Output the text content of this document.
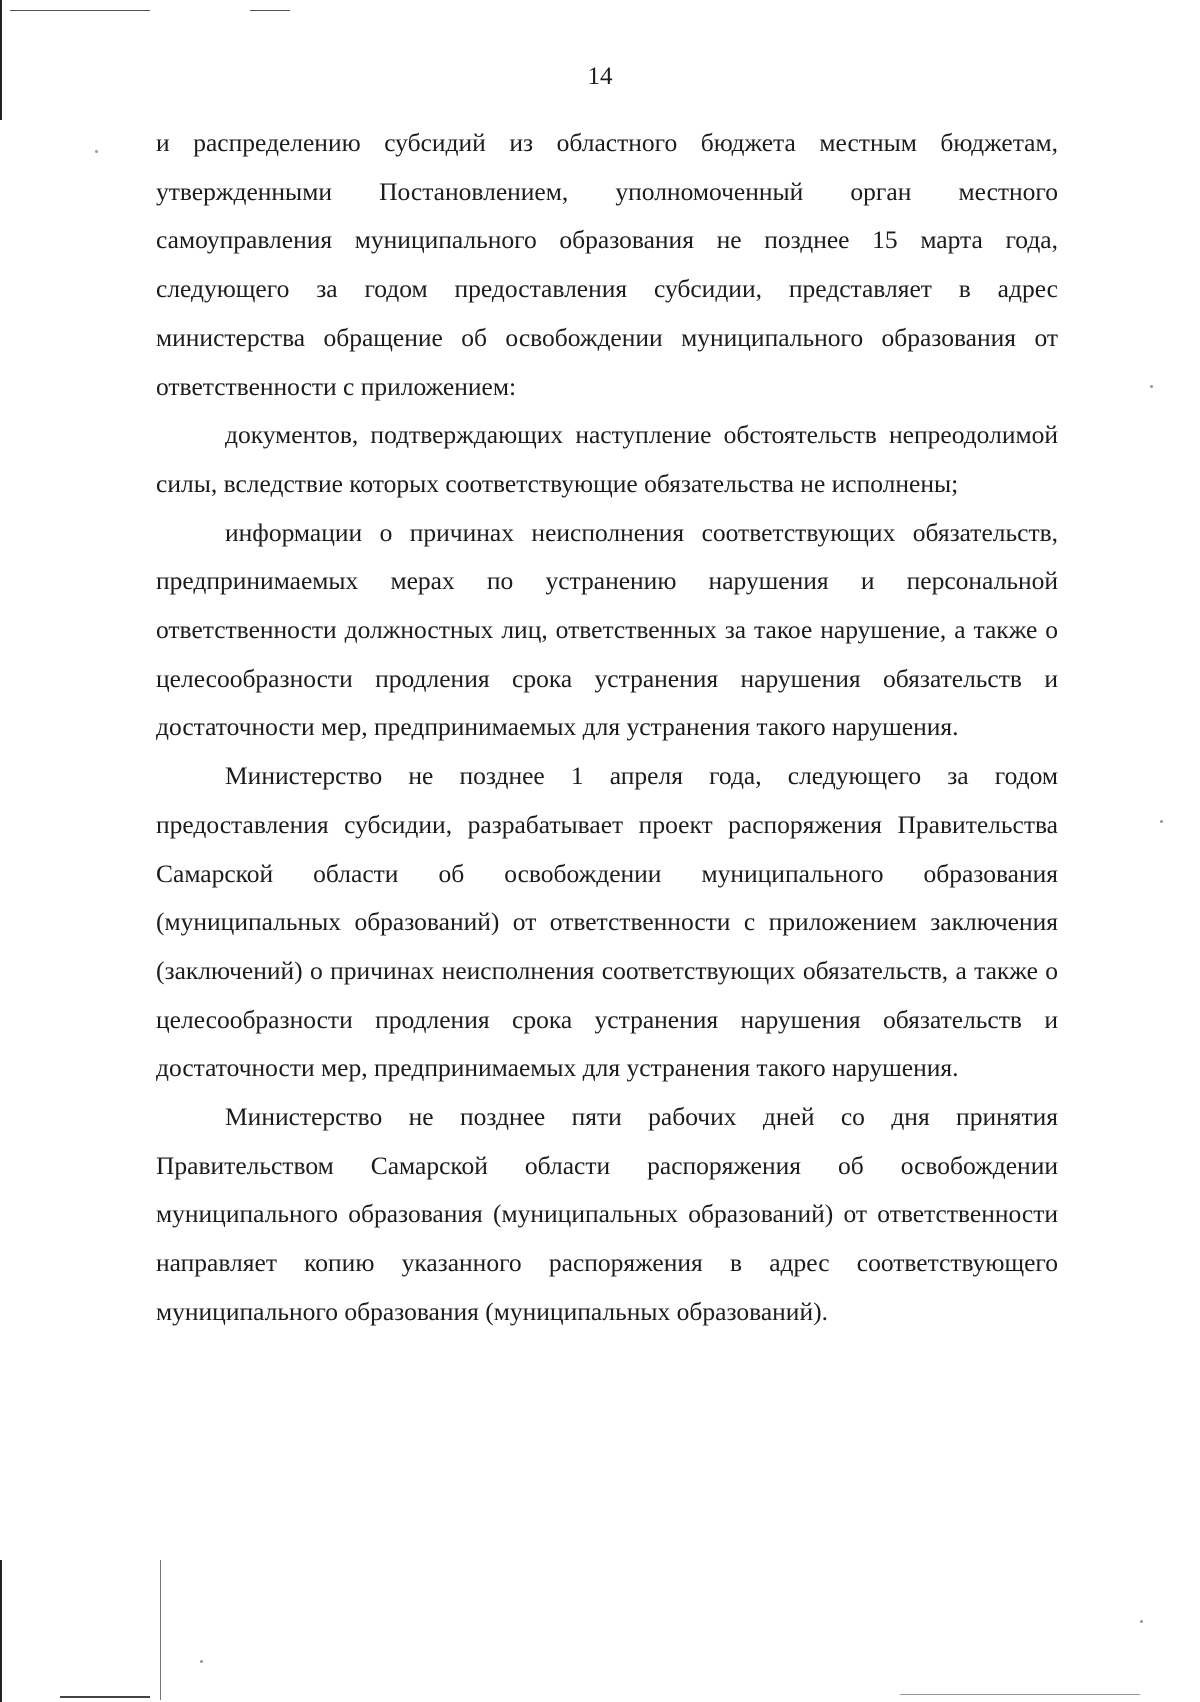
14

и распределению субсидий из областного бюджета местным бюджетам, утвержденными Постановлением, уполномоченный орган местного самоуправления муниципального образования не позднее 15 марта года, следующего за годом предоставления субсидии, представляет в адрес министерства обращение об освобождении муниципального образования от ответственности с приложением:

документов, подтверждающих наступление обстоятельств непреодолимой силы, вследствие которых соответствующие обязательства не исполнены;

информации о причинах неисполнения соответствующих обязательств, предпринимаемых мерах по устранению нарушения и персональной ответственности должностных лиц, ответственных за такое нарушение, а также о целесообразности продления срока устранения нарушения обязательств и достаточности мер, предпринимаемых для устранения такого нарушения.

Министерство не позднее 1 апреля года, следующего за годом предоставления субсидии, разрабатывает проект распоряжения Правительства Самарской области об освобождении муниципального образования (муниципальных образований) от ответственности с приложением заключения (заключений) о причинах неисполнения соответствующих обязательств, а также о целесообразности продления срока устранения нарушения обязательств и достаточности мер, предпринимаемых для устранения такого нарушения.

Министерство не позднее пяти рабочих дней со дня принятия Правительством Самарской области распоряжения об освобождении муниципального образования (муниципальных образований) от ответственности направляет копию указанного распоряжения в адрес соответствующего муниципального образования (муниципальных образований).
